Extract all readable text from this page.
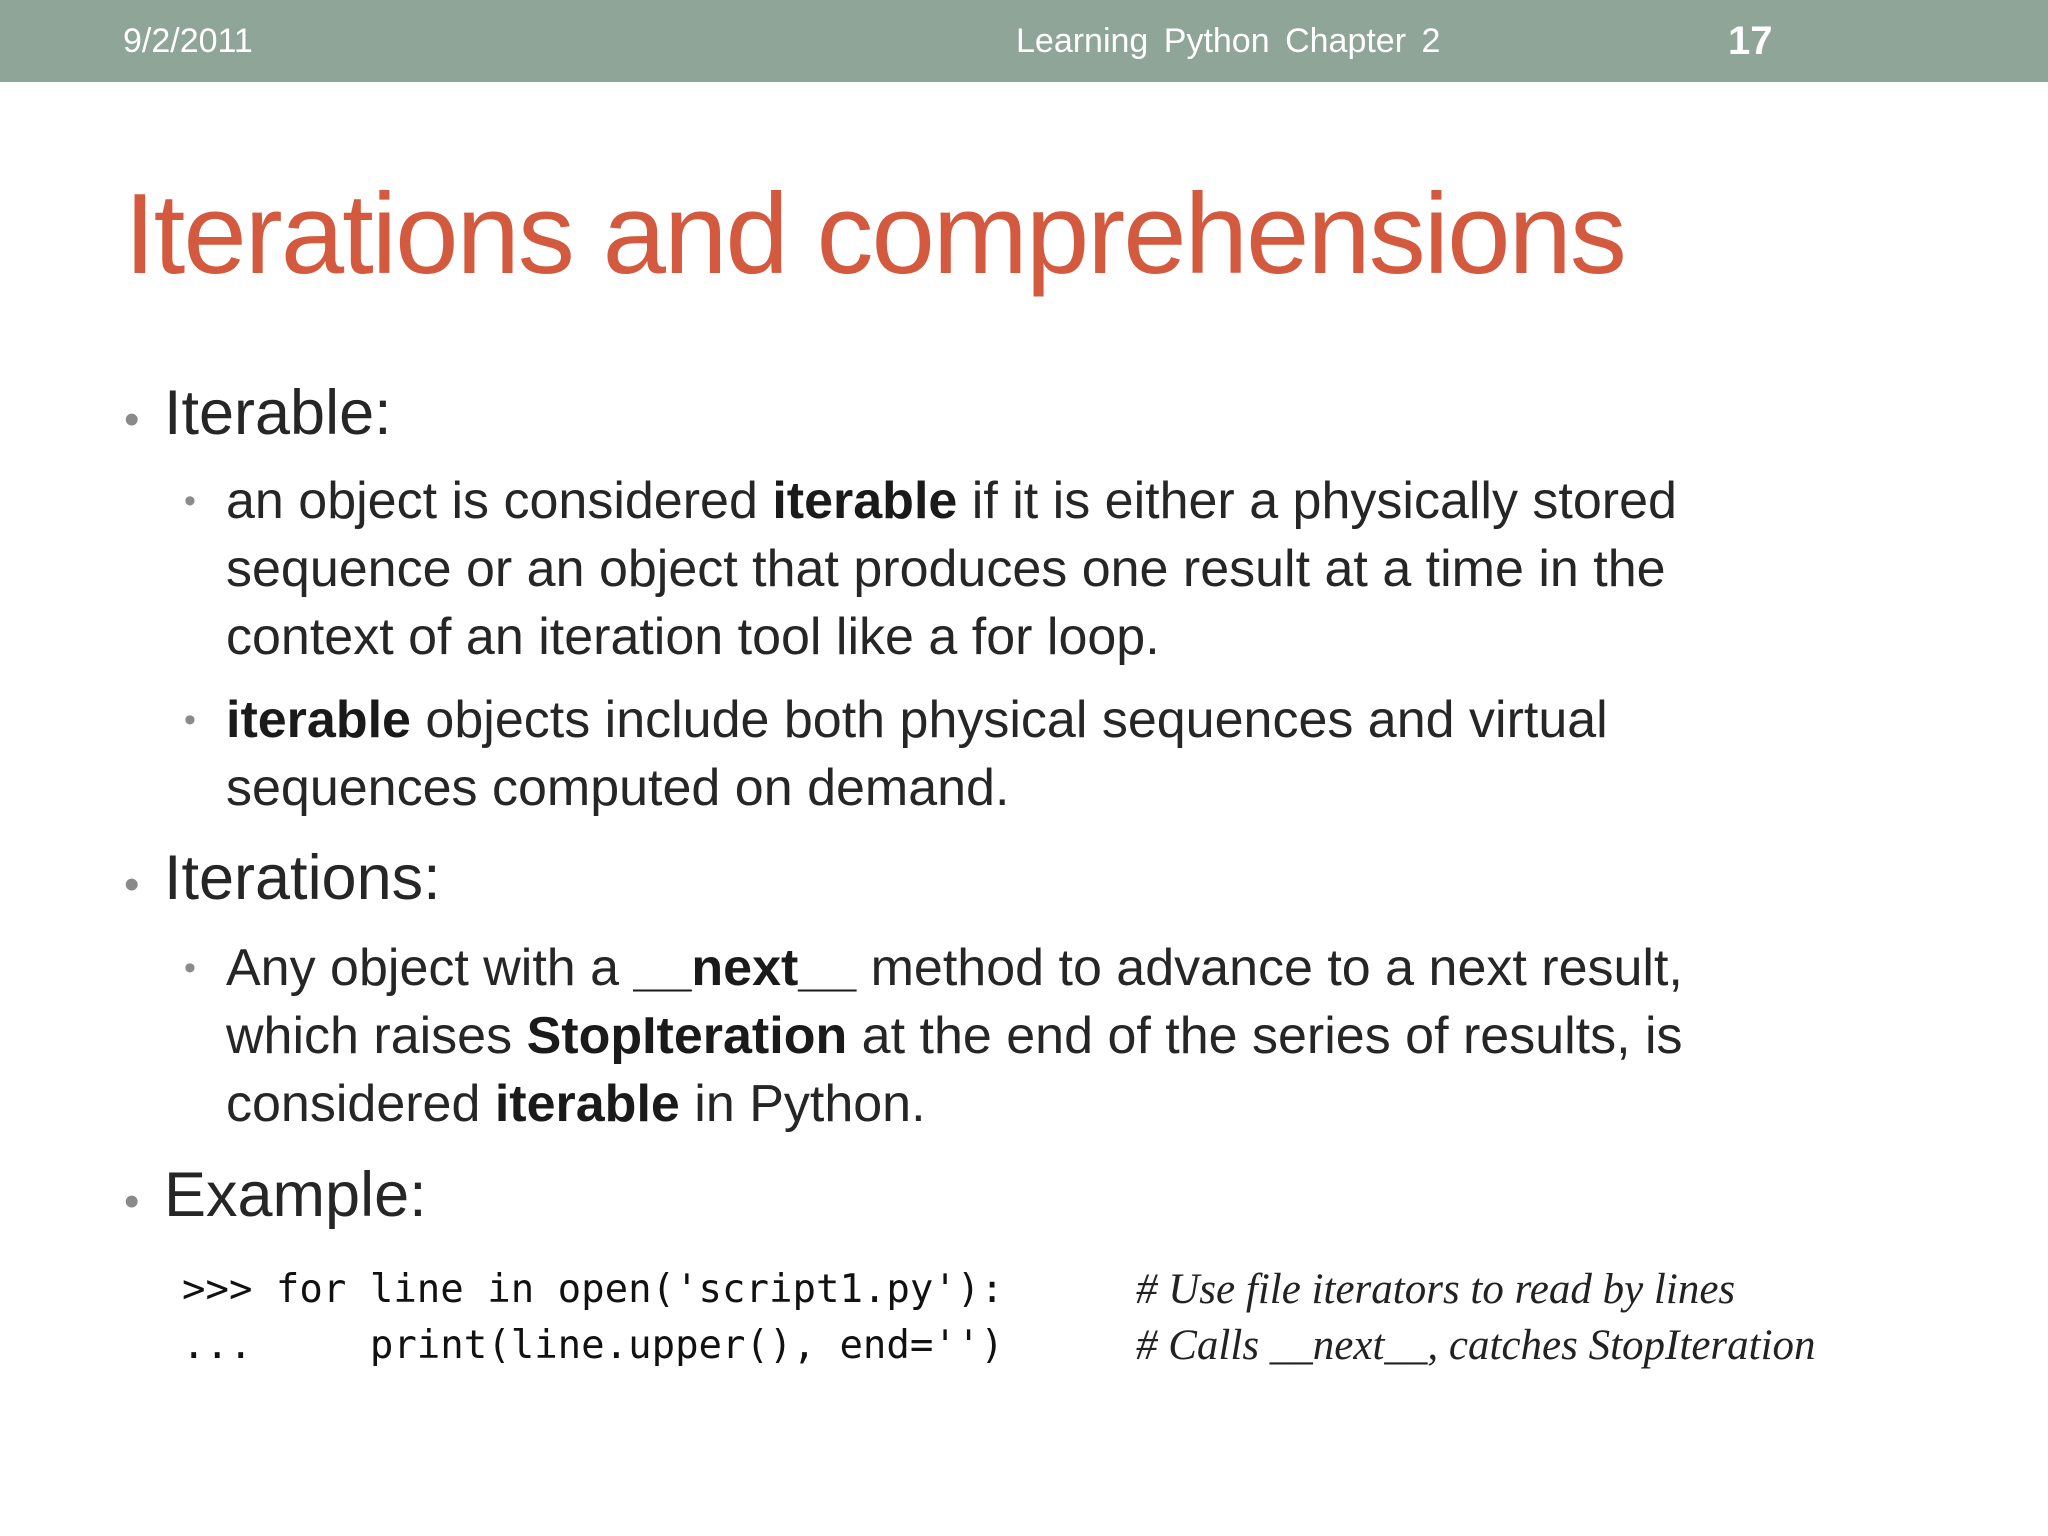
9/2/2011	Learning Python Chapter 2	17
Iterations and comprehensions
• Iterable:
• an object is considered iterable if it is either a physically stored
sequence or an object that produces one result at a time in the
context of an iteration tool like a for loop.
• iterable objects include both physical sequences and virtual
sequences computed on demand.
• Iterations:
• Any object with a __next__ method to advance to a next result,
which raises StopIteration at the end of the series of results, is
considered iterable in Python.
• Example:
>>> for line in open('script1.py'):
...     print(line.upper(), end='')
# Use file iterators to read by lines
# Calls __next__, catches StopIteration
